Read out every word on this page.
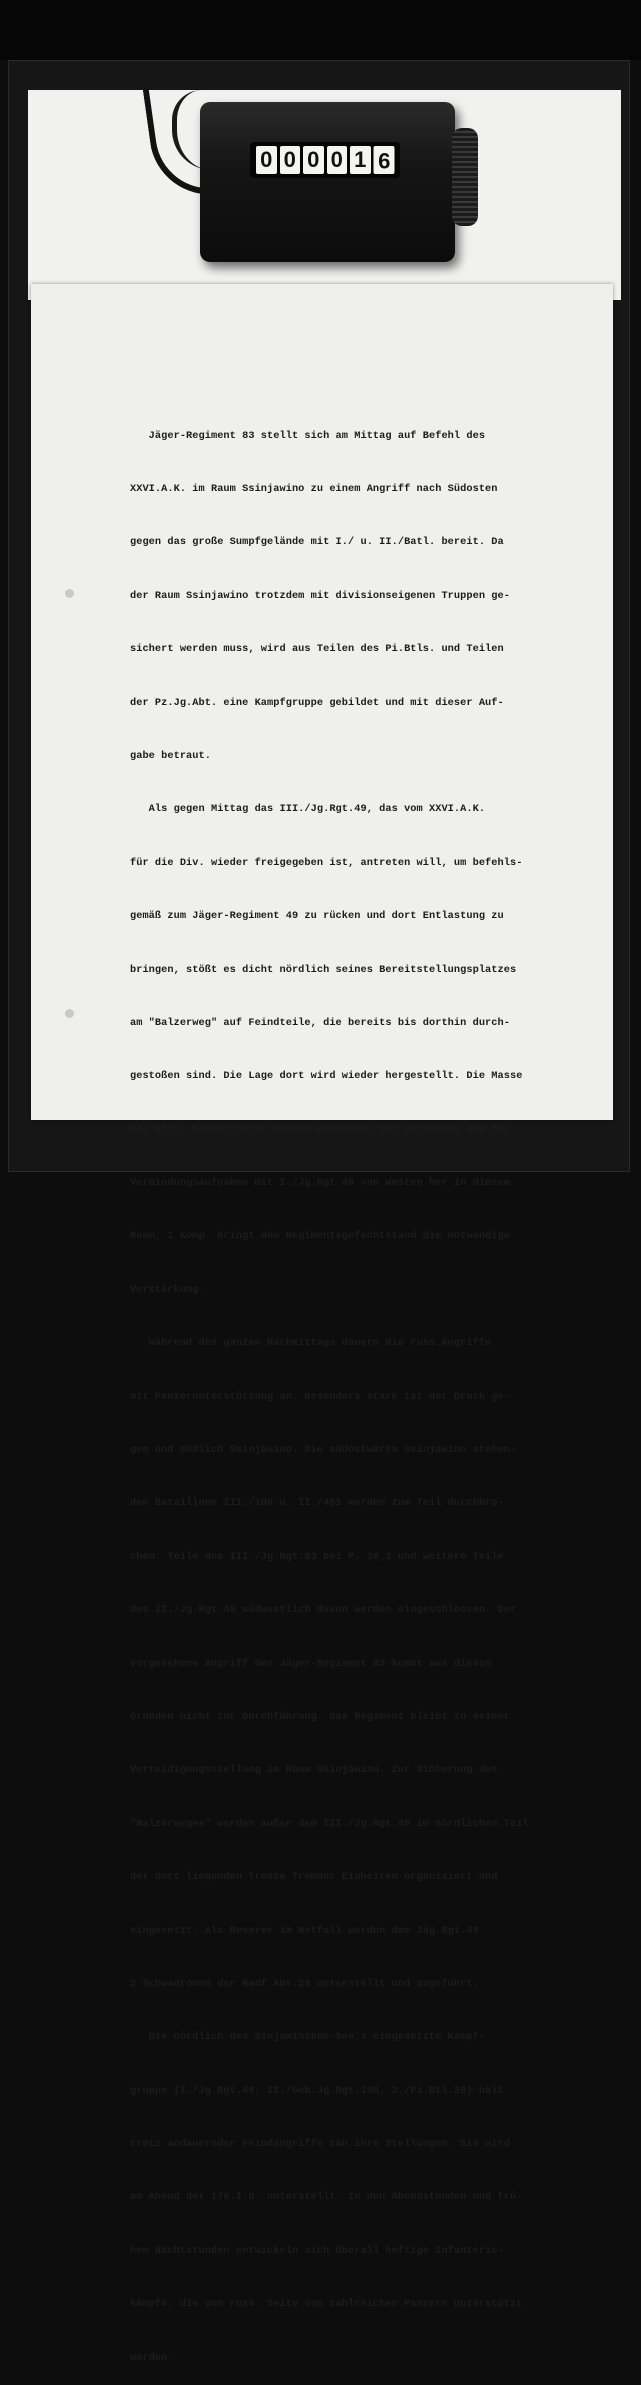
0 0 0 0 1 9

Jäger-Regiment 83 stellt sich am Mittag auf Befehl des

XXVI.A.K. im Raum Ssinjawino zu einem Angriff nach Südosten

gegen das große Sumpfgelände mit I./ u. II./Batl. bereit. Da

der Raum Ssinjawino trotzdem mit divisionseigenen Truppen ge-

sichert werden muss, wird aus Teilen des Pi.Btls. und Teilen

der Pz.Jg.Abt. eine Kampfgruppe gebildet und mit dieser Auf-

gabe betraut.

Als gegen Mittag das III./Jg.Rgt.49, das vom XXVI.A.K.

für die Div. wieder freigegeben ist, antreten will, um befehls-

gemäß zum Jäger-Regiment 49 zu rücken und dort Entlastung zu

bringen, stößt es dicht nördlich seines Bereitstellungsplatzes

am "Balzerweg" auf Feindteile, die bereits bis dorthin durch-

gestoßen sind. Die Lage dort wird wieder hergestellt. Die Masse

des Btls. bleibt unter diesen Umständen zur Sicherung und für

Verbindungsaufnahme mit I./Jg.Rgt.49 von Westen her in diesem

Raum, 1 Komp. bringt dem Regimentsgefechtstand die notwendige

Verstärkung.

Während des ganzen Nachmittags dauern die russ.Angriffe

mit Panzerunterstützung an. Besonders stark ist der Druck ge-

gen und südlich Ssinjawino. Die südostwärts Ssinjawino stehen-

den Bataillone III./100 u. II./401 werden zum Teil durchbro-

chen. Teile des III./Jg.Rgt.83 bei P. 38,3 und weitere Teile

des II./Jg.Rgt.49 südwestlich davon werden eingeschlossen. Der

vorgesehene Angriff des Jäger-Regiment 83 kommt aus diesen

Gründen nicht zur Durchführung. Das Regiment bleibt in seiner

Verteidigungsstellung im Raum Ssinjawino. Zur Sicherung des

"Balzerweges" werden außer dem III./Jg.Rgt.49 im nördlichen Teil

der dort liegenden Trosse fremder Einheiten organisiert und

eingesetzt. Als Reserve im Notfall werden dem Jäg.Rgt.49

2 Schwadronen der Radf.Abt.28 unterstellt und zugeführt.

Die nördlich des Sinjawinskoe-See's eingesetzte Kampf-

gruppe (I./Jg.Rgt.49, II./Geb.Jg.Rgt.100, 2./Pi.Btl.28) hält

trotz andauernder Feindangriffe zäh ihre Stellungen. Sie wird

am Abend der 170.I.D. unterstellt. In den Abendstunden und frü-

hen Nachtstunden entwickeln sich überall heftige Infanterie-

kämpfe, die von russ. Seite von zahlreichen Panzern unterstützt

werden.
